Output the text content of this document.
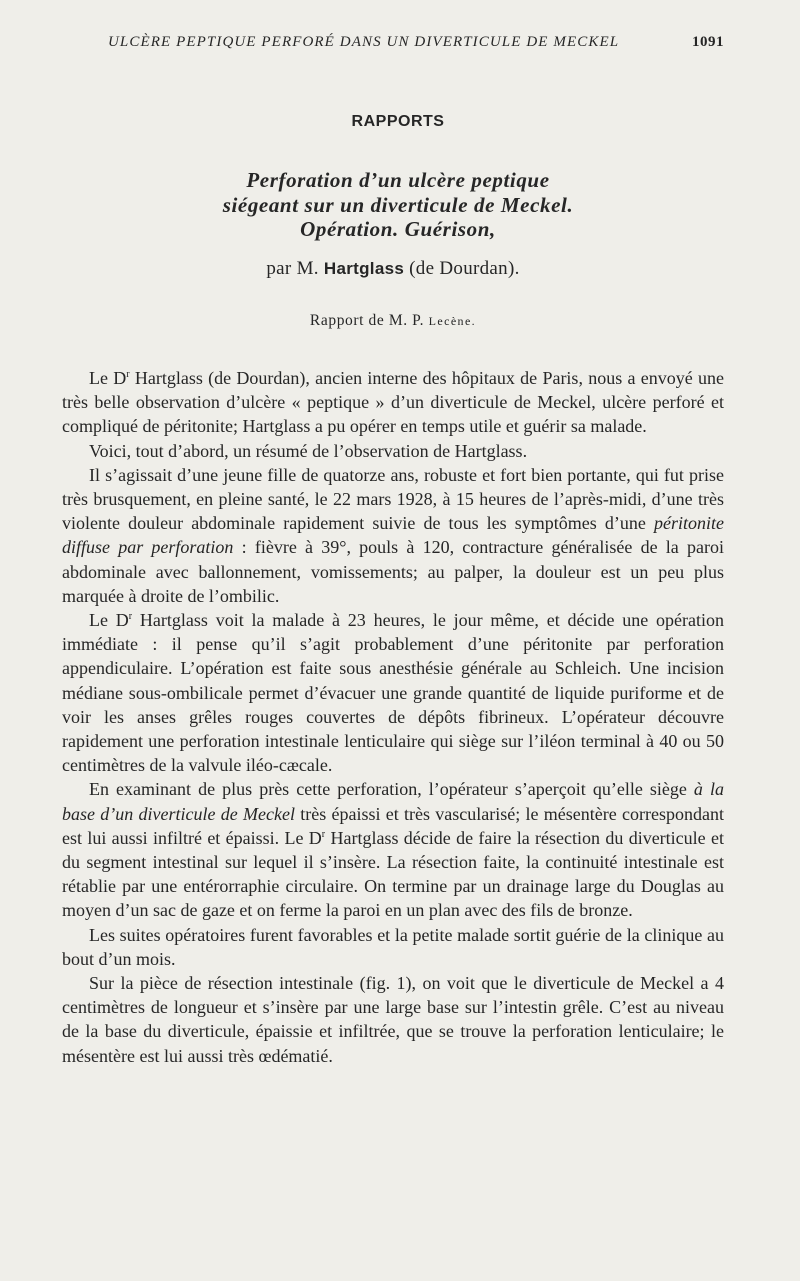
ULCÈRE PEPTIQUE PERFORÉ DANS UN DIVERTICULE DE MECKEL	1091
RAPPORTS
Perforation d’un ulcère peptique
siégeant sur un diverticule de Meckel.
Opération. Guérison,
par M. Hartglass (de Dourdan).
Rapport de M. P. Lecène.

Le $D^r$ Hartglass (de Dourdan), ancien interne des hôpitaux de Paris, nous a envoyé une très belle observation d’ulcère « peptique » d’un diverticule de Meckel, ulcère perforé et compliqué de péritonite; Hartglass a pu opérer en temps utile et guérir sa malade.

Voici, tout d’abord, un résumé de l’observation de Hartglass.

Il s’agissait d’une jeune fille de quatorze ans, robuste et fort bien portante, qui fut prise très brusquement, en pleine santé, le 22 mars 1928, à 15 heures de l’après-midi, d’une très violente douleur abdominale rapidement suivie de tous les symptômes d’une péritonite diffuse par perforation : fièvre à 39°, pouls à 120, contracture généralisée de la paroi abdominale avec ballonnement, vomissements; au palper, la douleur est un peu plus marquée à droite de l’ombilic.

Le $D^r$ Hartglass voit la malade à 23 heures, le jour même, et décide une opération immédiate : il pense qu’il s’agit probablement d’une péritonite par perforation appendiculaire. L’opération est faite sous anesthésie générale au Schleich. Une incision médiane sous-ombilicale permet d’évacuer une grande quantité de liquide puriforme et de voir les anses grêles rouges couvertes de dépôts fibrineux. L’opérateur découvre rapidement une perforation intestinale lenticulaire qui siège sur l’iléon terminal à 40 ou 50 centimètres de la valvule iléo-cæcale.

En examinant de plus près cette perforation, l’opérateur s’aperçoit qu’elle siège à la base d’un diverticule de Meckel très épaissi et très vascularisé; le mésentère correspondant est lui aussi infiltré et épaissi. Le $D^r$ Hartglass décide de faire la résection du diverticule et du segment intestinal sur lequel il s’insère. La résection faite, la continuité intestinale est rétablie par une entérorraphie circulaire. On termine par un drainage large du Douglas au moyen d’un sac de gaze et on ferme la paroi en un plan avec des fils de bronze.

Les suites opératoires furent favorables et la petite malade sortit guérie de la clinique au bout d’un mois.

Sur la pièce de résection intestinale (fig. 1), on voit que le diverticule de Meckel a 4 centimètres de longueur et s’insère par une large base sur l’intestin grêle. C’est au niveau de la base du diverticule, épaissie et infiltrée, que se trouve la perforation lenticulaire; le mésentère est lui aussi très œdématié.
